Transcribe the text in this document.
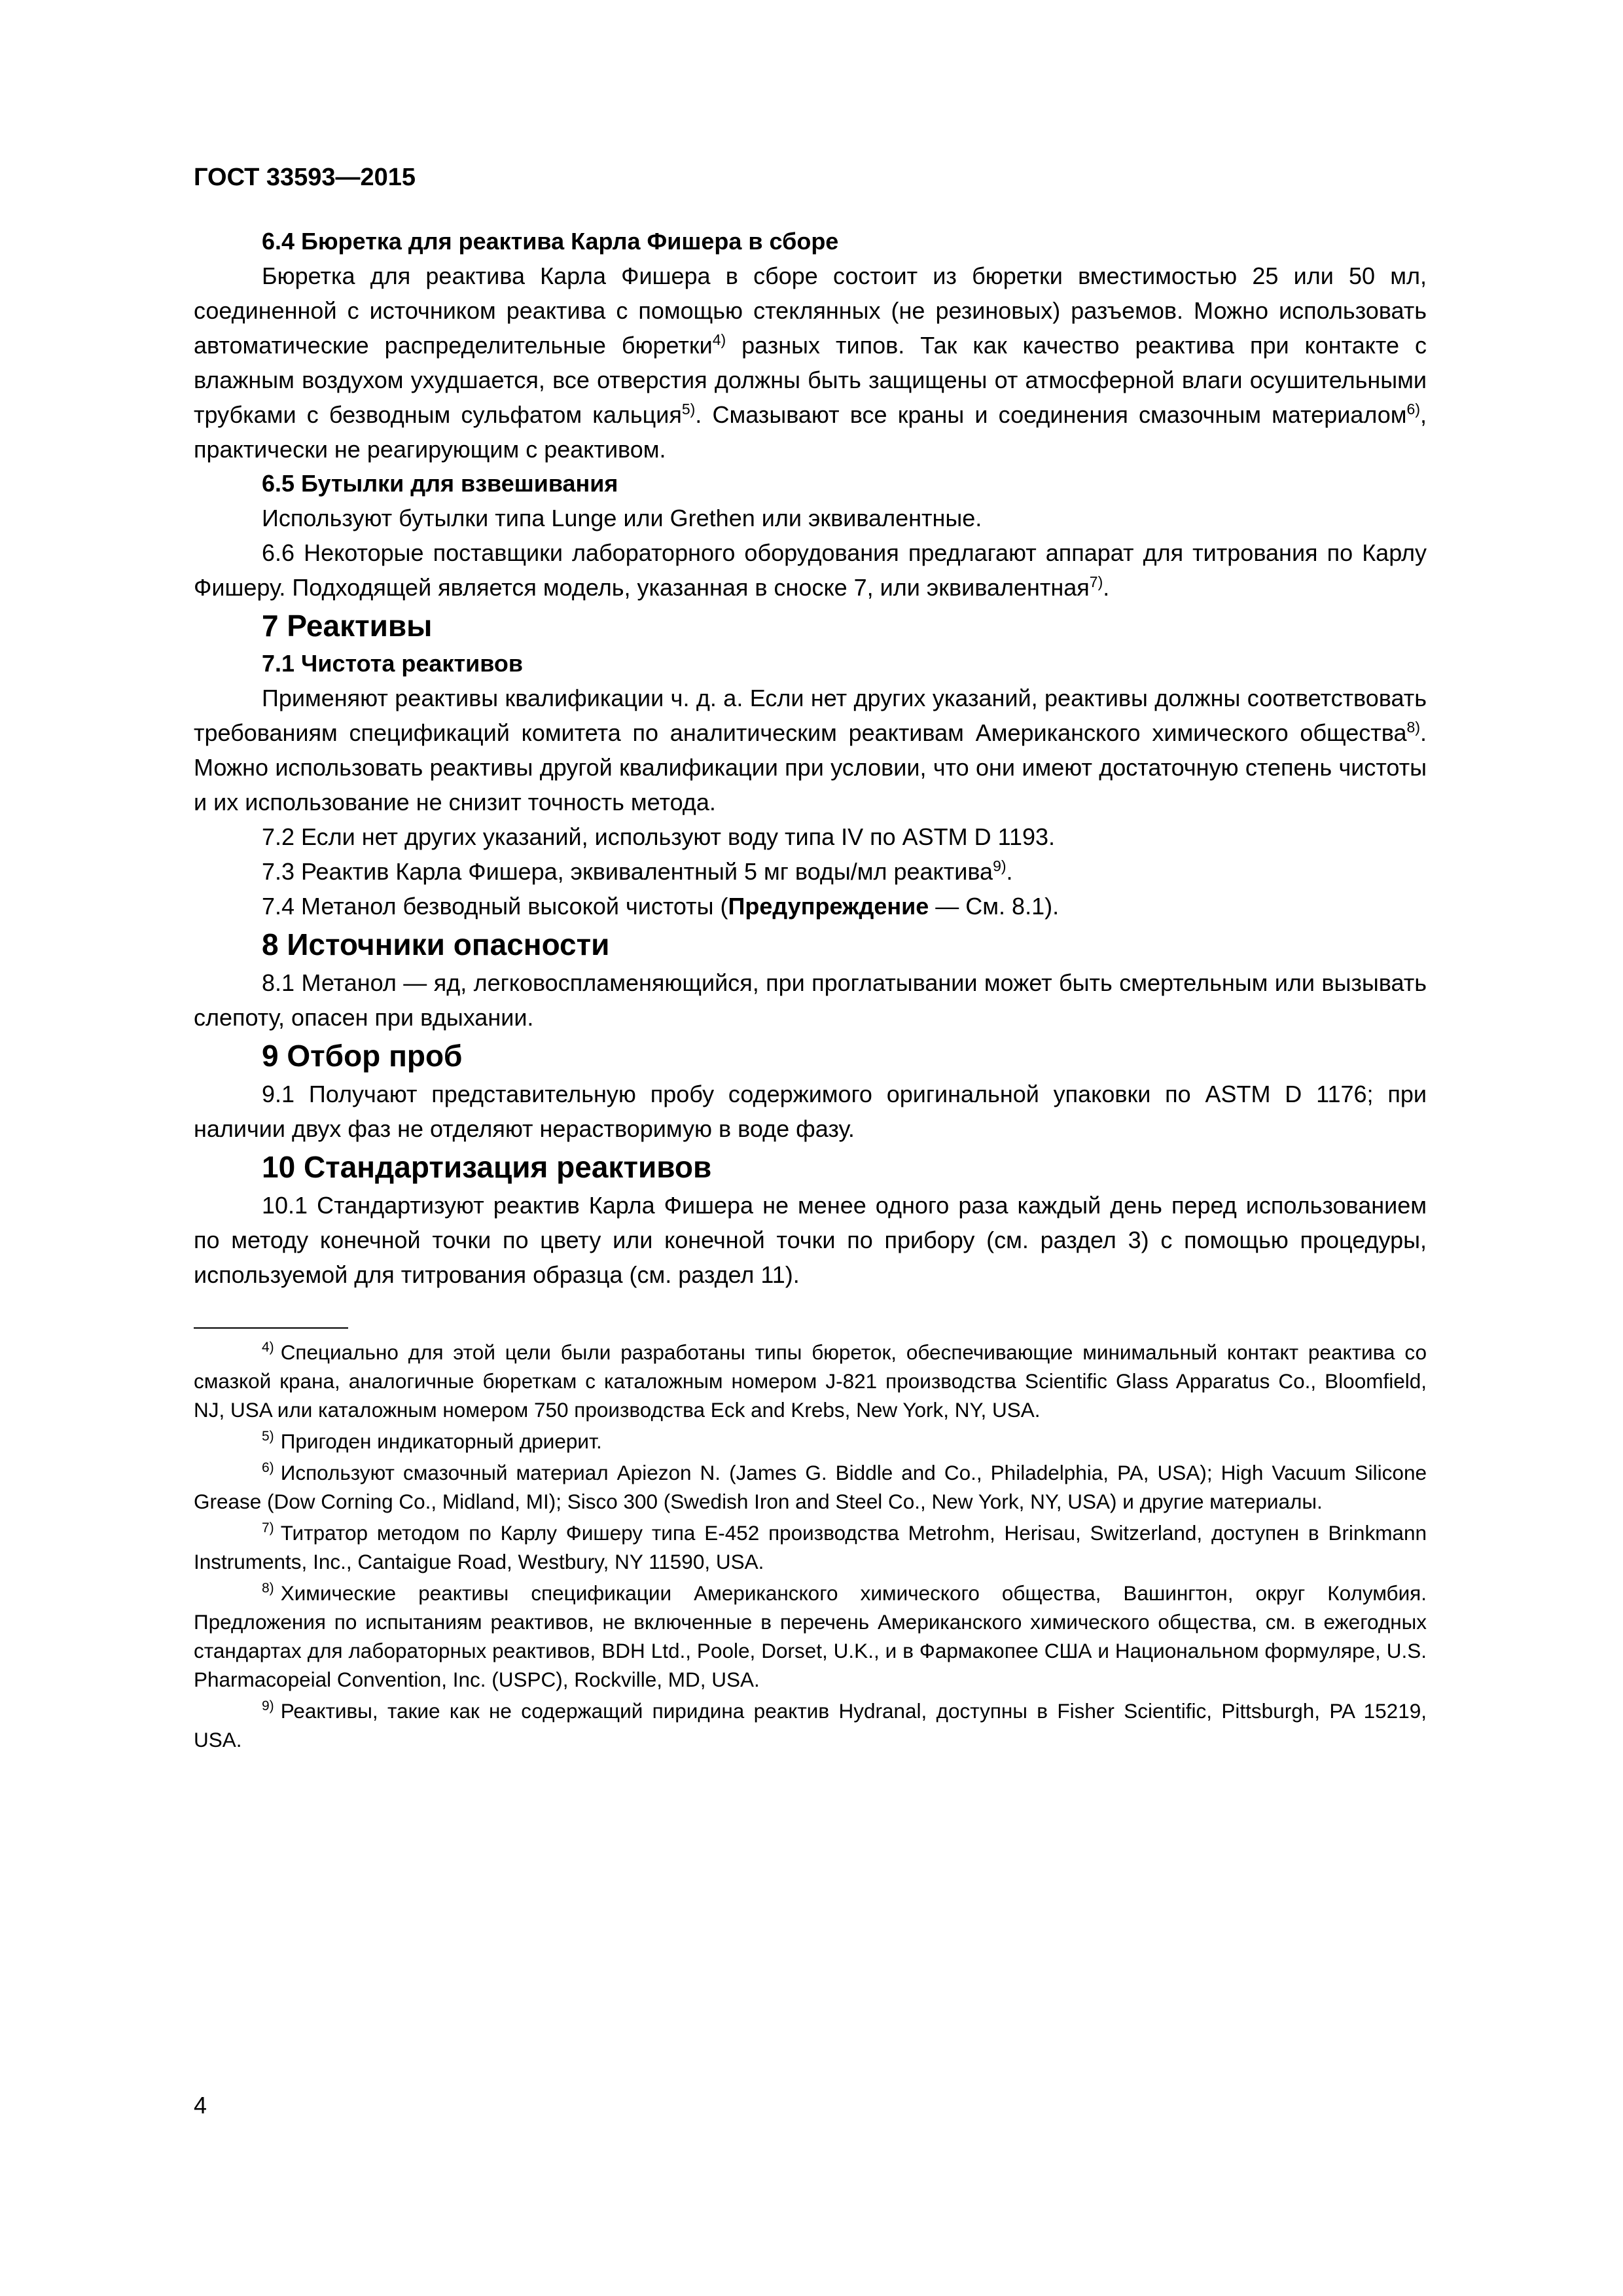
ГОСТ 33593—2015
6.4 Бюретка для реактива Карла Фишера в сборе

Бюретка для реактива Карла Фишера в сборе состоит из бюретки вместимостью 25 или 50 мл, соединенной с источником реактива с помощью стеклянных (не резиновых) разъемов. Можно использовать автоматические распределительные бюретки$^{4)}$ разных типов. Так как качество реактива при контакте с влажным воздухом ухудшается, все отверстия должны быть защищены от атмосферной влаги осушительными трубками с безводным сульфатом кальция$^{5)}$. Смазывают все краны и соединения смазочным материалом$^{6)}$, практически не реагирующим с реактивом.

6.5 Бутылки для взвешивания

Используют бутылки типа Lunge или Grethen или эквивалентные.

6.6 Некоторые поставщики лабораторного оборудования предлагают аппарат для титрования по Карлу Фишеру. Подходящей является модель, указанная в сноске 7, или эквивалентная$^{7)}$.

7 Реактивы
7.1 Чистота реактивов

Применяют реактивы квалификации ч. д. а. Если нет других указаний, реактивы должны соответствовать требованиям спецификаций комитета по аналитическим реактивам Американского химического общества$^{8)}$. Можно использовать реактивы другой квалификации при условии, что они имеют достаточную степень чистоты и их использование не снизит точность метода.

7.2 Если нет других указаний, используют воду типа IV по ASTM D 1193.

7.3 Реактив Карла Фишера, эквивалентный 5 мг воды/мл реактива$^{9)}$.

7.4 Метанол безводный высокой чистоты (Предупреждение — См. 8.1).

8 Источники опасности

8.1 Метанол — яд, легковоспламеняющийся, при проглатывании может быть смертельным или вызывать слепоту, опасен при вдыхании.

9 Отбор проб

9.1 Получают представительную пробу содержимого оригинальной упаковки по ASTM D 1176; при наличии двух фаз не отделяют нерастворимую в воде фазу.

10 Стандартизация реактивов

10.1 Стандартизуют реактив Карла Фишера не менее одного раза каждый день перед использованием по методу конечной точки по цвету или конечной точки по прибору (см. раздел 3) с помощью процедуры, используемой для титрования образца (см. раздел 11).

$^{4)}$ Специально для этой цели были разработаны типы бюреток, обеспечивающие минимальный контакт реактива со смазкой крана, аналогичные бюреткам с каталожным номером J-821 производства Scientific Glass Apparatus Co., Bloomfield, NJ, USA или каталожным номером 750 производства Eck and Krebs, New York, NY, USA.

$^{5)}$ Пригоден индикаторный дриерит.

$^{6)}$ Используют смазочный материал Apiezon N. (James G. Biddle and Co., Philadelphia, PA, USA); High Vacuum Silicone Grease (Dow Corning Co., Midland, MI); Sisco 300 (Swedish Iron and Steel Co., New York, NY, USA) и другие материалы.

$^{7)}$ Титратор методом по Карлу Фишеру типа E-452 производства Metrohm, Herisau, Switzerland, доступен в Brinkmann Instruments, Inc., Cantaigue Road, Westbury, NY 11590, USA.

$^{8)}$ Химические реактивы спецификации Американского химического общества, Вашингтон, округ Колумбия. Предложения по испытаниям реактивов, не включенные в перечень Американского химического общества, см. в ежегодных стандартах для лабораторных реактивов, BDH Ltd., Poole, Dorset, U.K., и в Фармакопее США и Национальном формуляре, U.S. Pharmacopeial Convention, Inc. (USPC), Rockville, MD, USA.

$^{9)}$ Реактивы, такие как не содержащий пиридина реактив Hydranal, доступны в Fisher Scientific, Pittsburgh, PA 15219, USA.

4
